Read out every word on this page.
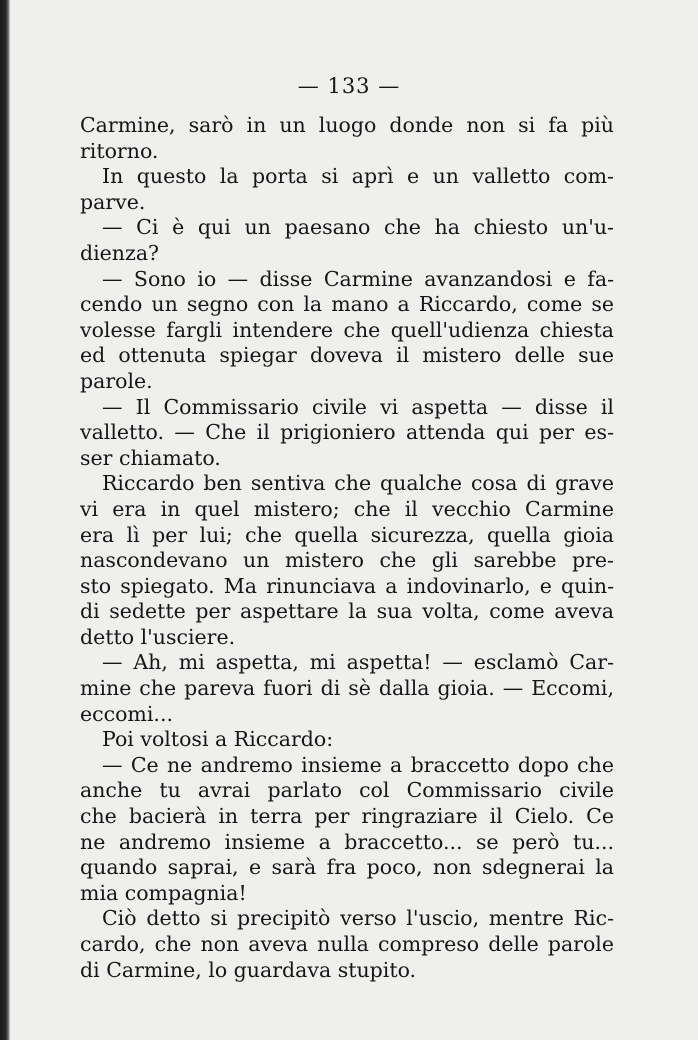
— 133 —
Carmine, sarò in un luogo donde non si fa più
ritorno.
In questo la porta si aprì e un valletto com-
parve.
— Ci è qui un paesano che ha chiesto un'u-
dienza?
— Sono io — disse Carmine avanzandosi e fa-
cendo un segno con la mano a Riccardo, come se
volesse fargli intendere che quell'udienza chiesta
ed ottenuta spiegar doveva il mistero delle sue
parole.
— Il Commissario civile vi aspetta — disse il
valletto. — Che il prigioniero attenda qui per es-
ser chiamato.
Riccardo ben sentiva che qualche cosa di grave
vi era in quel mistero; che il vecchio Carmine
era lì per lui; che quella sicurezza, quella gioia
nascondevano un mistero che gli sarebbe pre-
sto spiegato. Ma rinunciava a indovinarlo, e quin-
di sedette per aspettare la sua volta, come aveva
detto l'usciere.
— Ah, mi aspetta, mi aspetta! — esclamò Car-
mine che pareva fuori di sè dalla gioia. — Eccomi,
eccomi...
Poi voltosi a Riccardo:
— Ce ne andremo insieme a braccetto dopo che
anche tu avrai parlato col Commissario civile
che bacierà in terra per ringraziare il Cielo. Ce
ne andremo insieme a braccetto... se però tu...
quando saprai, e sarà fra poco, non sdegnerai la
mia compagnia!
Ciò detto si precipitò verso l'uscio, mentre Ric-
cardo, che non aveva nulla compreso delle parole
di Carmine, lo guardava stupito.
